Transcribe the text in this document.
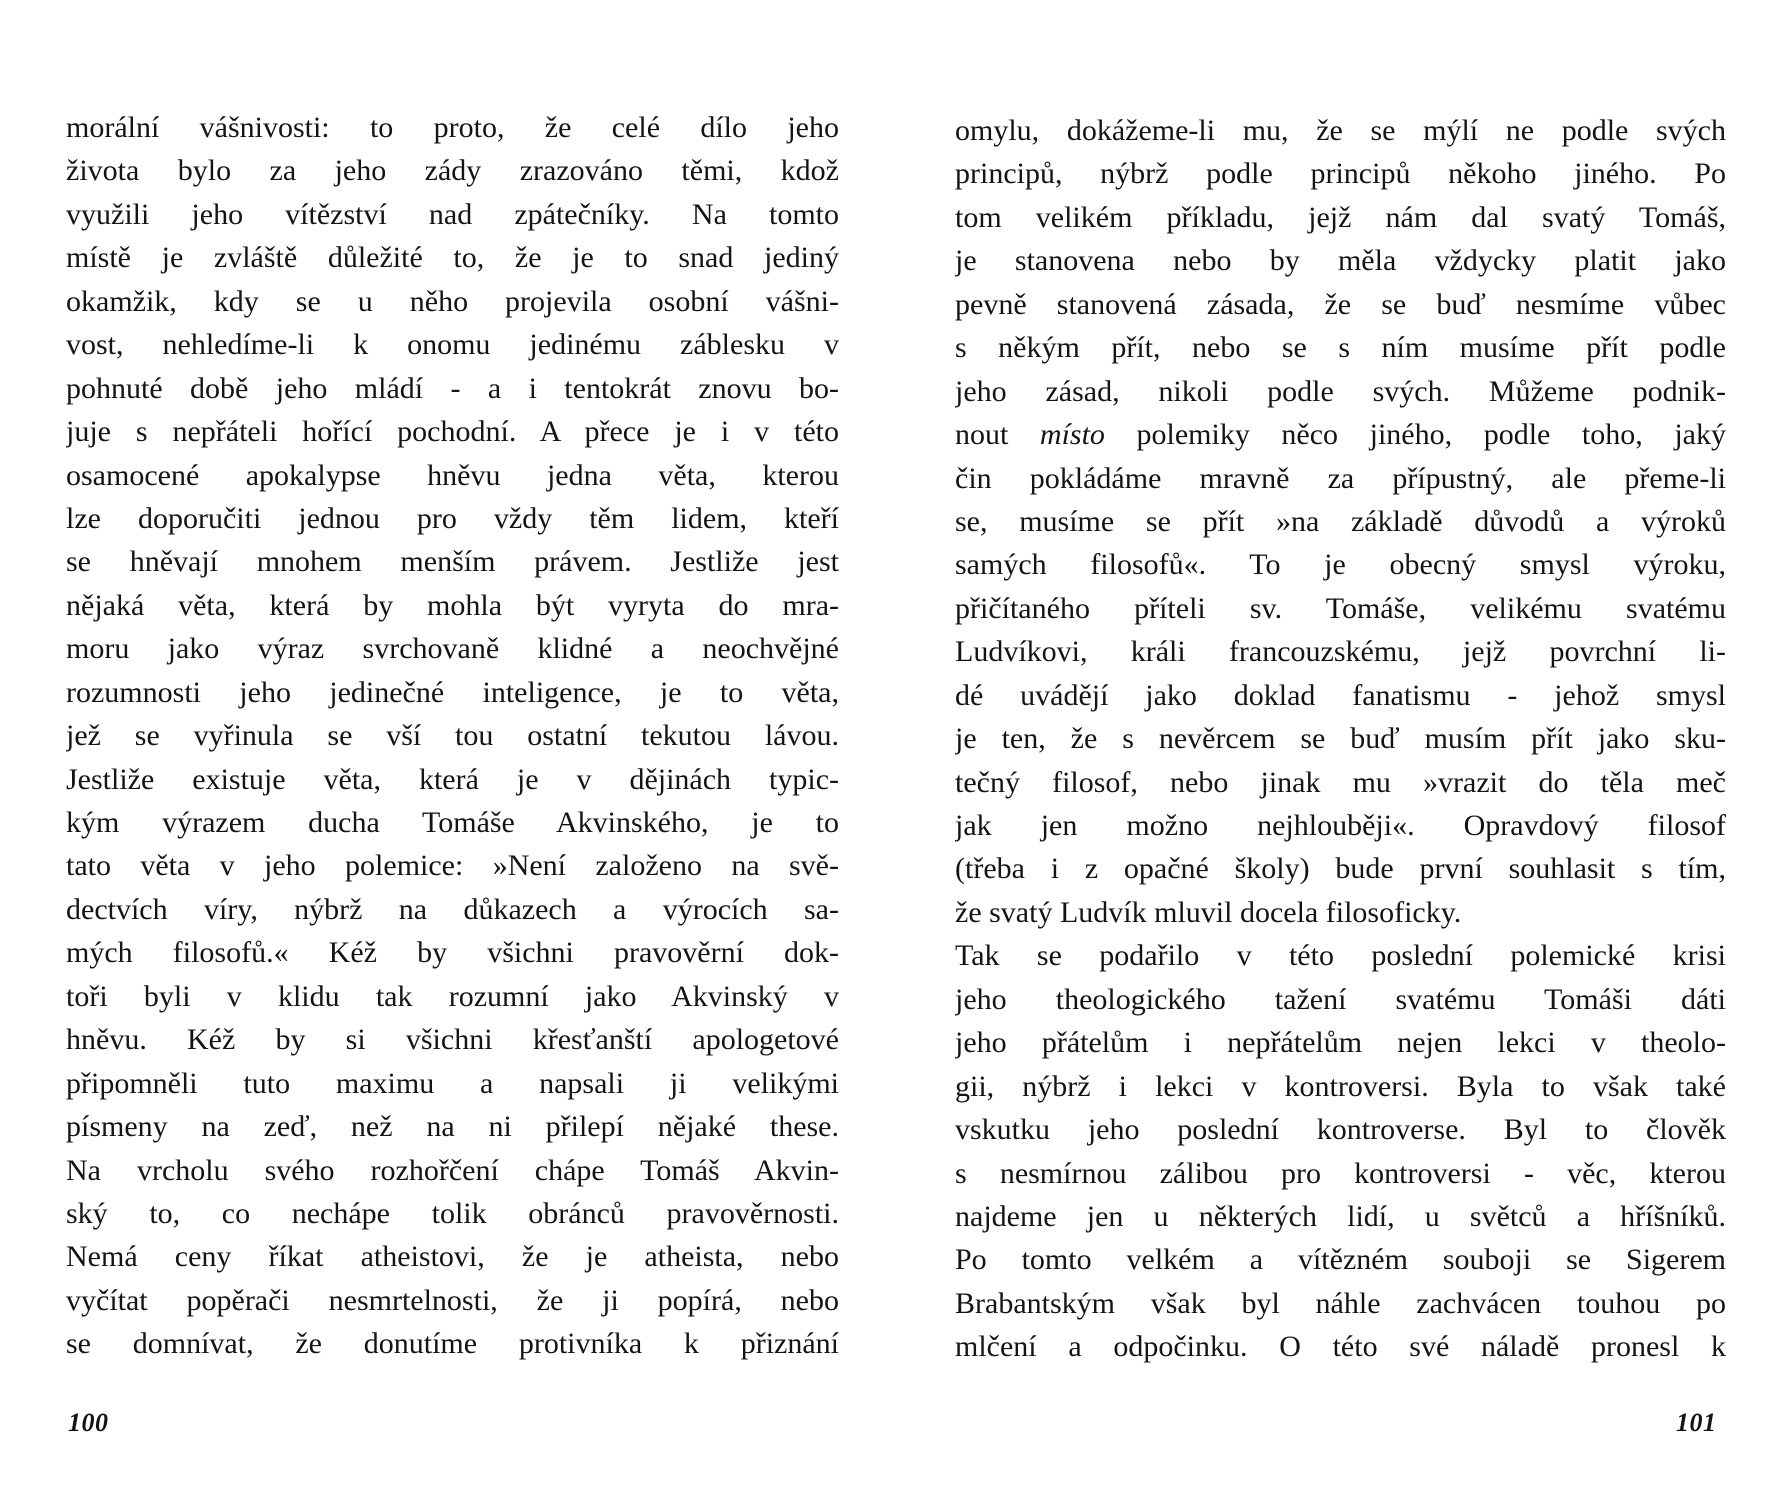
morální vášnivosti: to proto, že celé dílo jeho
života bylo za jeho zády zrazováno těmi, kdož
využili jeho vítězství nad zpátečníky. Na tomto
místě je zvláště důležité to, že je to snad jediný
okamžik, kdy se u něho projevila osobní vášni-
vost, nehledíme-li k onomu jedinému záblesku v
pohnuté době jeho mládí - a i tentokrát znovu bo-
juje s nepřáteli hořící pochodní. A přece je i v této
osamocené apokalypse hněvu jedna věta, kterou
lze doporučiti jednou pro vždy těm lidem, kteří
se hněvají mnohem menším právem. Jestliže jest
nějaká věta, která by mohla být vyryta do mra-
moru jako výraz svrchovaně klidné a neochvějné
rozumnosti jeho jedinečné inteligence, je to věta,
jež se vyřinula se vší tou ostatní tekutou lávou.
Jestliže existuje věta, která je v dějinách typic-
kým výrazem ducha Tomáše Akvinského, je to
tato věta v jeho polemice: »Není založeno na svě-
dectvích víry, nýbrž na důkazech a výrocích sa-
mých filosofů.« Kéž by všichni pravověrní dok-
toři byli v klidu tak rozumní jako Akvinský v
hněvu. Kéž by si všichni křesťanští apologetové
připomněli tuto maximu a napsali ji velikými
písmeny na zeď, než na ni přilepí nějaké these.
Na vrcholu svého rozhořčení chápe Tomáš Akvin-
ský to, co nechápe tolik obránců pravověrnosti.
Nemá ceny říkat atheistovi, že je atheista, nebo
vyčítat popěrači nesmrtelnosti, že ji popírá, nebo
se domnívat, že donutíme protivníka k přiznání
100
omylu, dokážeme-li mu, že se mýlí ne podle svých
principů, nýbrž podle principů někoho jiného. Po
tom velikém příkladu, jejž nám dal svatý Tomáš,
je stanovena nebo by měla vždycky platit jako
pevně stanovená zásada, že se buď nesmíme vůbec
s někým přít, nebo se s ním musíme přít podle
jeho zásad, nikoli podle svých. Můžeme podnik-
nout místo polemiky něco jiného, podle toho, jaký
čin pokládáme mravně za přípustný, ale přeme-li
se, musíme se přít »na základě důvodů a výroků
samých filosofů«. To je obecný smysl výroku,
přičítaného příteli sv. Tomáše, velikému svatému
Ludvíkovi, králi francouzskému, jejž povrchní li-
dé uvádějí jako doklad fanatismu - jehož smysl
je ten, že s nevěrcem se buď musím přít jako sku-
tečný filosof, nebo jinak mu »vrazit do těla meč
jak jen možno nejhlouběji«. Opravdový filosof
(třeba i z opačné školy) bude první souhlasit s tím,
že svatý Ludvík mluvil docela filosoficky.
Tak se podařilo v této poslední polemické krisi
jeho theologického tažení svatému Tomáši dáti
jeho přátelům i nepřátelům nejen lekci v theolo-
gii, nýbrž i lekci v kontroversi. Byla to však také
vskutku jeho poslední kontroverse. Byl to člověk
s nesmírnou zálibou pro kontroversi - věc, kterou
najdeme jen u některých lidí, u světců a hříšníků.
Po tomto velkém a vítězném souboji se Sigerem
Brabantským však byl náhle zachvácen touhou po
mlčení a odpočinku. O této své náladě pronesl k
101
